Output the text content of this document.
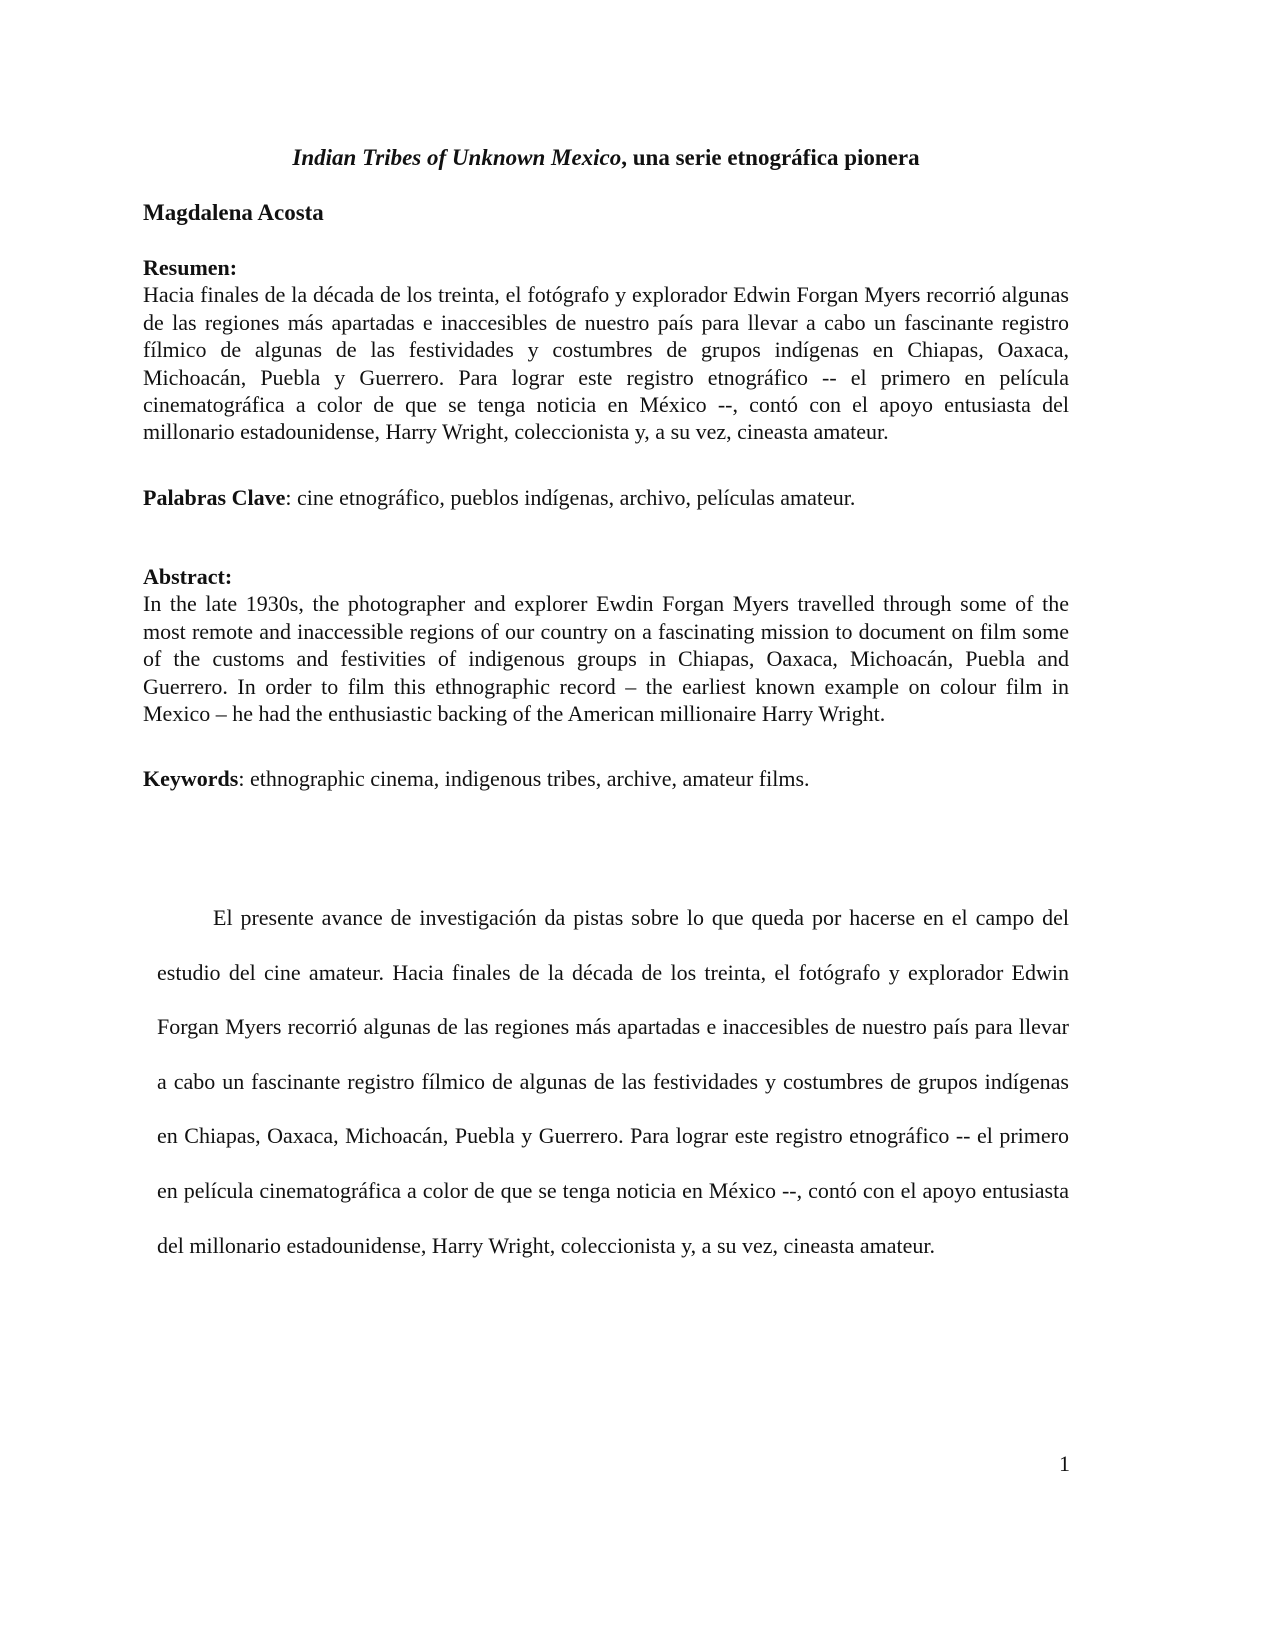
Indian Tribes of Unknown Mexico, una serie etnográfica pionera
Magdalena Acosta
Resumen:

Hacia finales de la década de los treinta, el fotógrafo y explorador Edwin Forgan Myers recorrió algunas de las regiones más apartadas e inaccesibles de nuestro país para llevar a cabo un fascinante registro fílmico de algunas de las festividades y costumbres de grupos indígenas en Chiapas, Oaxaca, Michoacán, Puebla y Guerrero. Para lograr este registro etnográfico -- el primero en película cinematográfica a color de que se tenga noticia en México --, contó con el apoyo entusiasta del millonario estadounidense, Harry Wright, coleccionista y, a su vez, cineasta amateur.

Palabras Clave: cine etnográfico, pueblos indígenas, archivo, películas amateur.
Abstract:

In the late 1930s, the photographer and explorer Ewdin Forgan Myers travelled through some of the most remote and inaccessible regions of our country on a fascinating mission to document on film some of the customs and festivities of indigenous groups in Chiapas, Oaxaca, Michoacán, Puebla and Guerrero. In order to film this ethnographic record – the earliest known example on colour film in Mexico – he had the enthusiastic backing of the American millionaire Harry Wright.

Keywords: ethnographic cinema, indigenous tribes, archive, amateur films.

El presente avance de investigación da pistas sobre lo que queda por hacerse en el campo del estudio del cine amateur. Hacia finales de la década de los treinta, el fotógrafo y explorador Edwin Forgan Myers recorrió algunas de las regiones más apartadas e inaccesibles de nuestro país para llevar a cabo un fascinante registro fílmico de algunas de las festividades y costumbres de grupos indígenas en Chiapas, Oaxaca, Michoacán, Puebla y Guerrero. Para lograr este registro etnográfico -- el primero en película cinematográfica a color de que se tenga noticia en México --, contó con el apoyo entusiasta del millonario estadounidense, Harry Wright, coleccionista y, a su vez, cineasta amateur.

1
